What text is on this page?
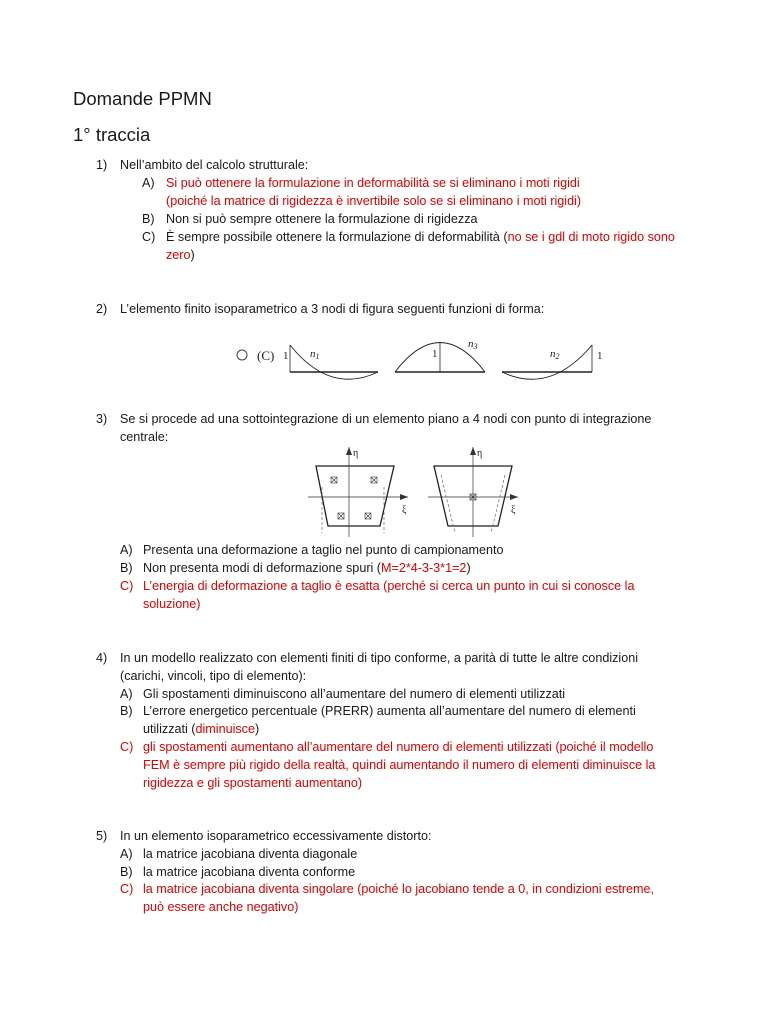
Domande PPMN
1° traccia
1) Nell’ambito del calcolo strutturale:
A) Si può ottenere la formulazione in deformabilità se si eliminano i moti rigidi
(poiché la matrice di rigidezza è invertibile solo se si eliminano i moti rigidi)
B) Non si può sempre ottenere la formulazione di rigidezza
C) È sempre possibile ottenere la formulazione di deformabilità (no se i gdl di moto rigido sono
zero)
2) L’elemento finito isoparametrico a 3 nodi di figura seguenti funzioni di forma:
(C) 1 n1	1
n3
n2	1
3) Se si procede ad una sottointegrazione di un elemento piano a 4 nodi con punto di integrazione
centrale:
η
ξ
η
ξ
A) Presenta una deformazione a taglio nel punto di campionamento
B) Non presenta modi di deformazione spuri (M=2*4-3-3*1=2)
C) L’energia di deformazione a taglio è esatta (perché si cerca un punto in cui si conosce la
soluzione)
4) In un modello realizzato con elementi finiti di tipo conforme, a parità di tutte le altre condizioni
(carichi, vincoli, tipo di elemento):
A) Gli spostamenti diminuiscono all’aumentare del numero di elementi utilizzati
B) L’errore energetico percentuale (PRERR) aumenta all’aumentare del numero di elementi
utilizzati (diminuisce)
C) gli spostamenti aumentano all’aumentare del numero di elementi utilizzati (poiché il modello
FEM è sempre più rigido della realtà, quindi aumentando il numero di elementi diminuisce la
rigidezza e gli spostamenti aumentano)
5) In un elemento isoparametrico eccessivamente distorto:
A) la matrice jacobiana diventa diagonale
B) la matrice jacobiana diventa conforme
C) la matrice jacobiana diventa singolare (poiché lo jacobiano tende a 0, in condizioni estreme,
può essere anche negativo)
